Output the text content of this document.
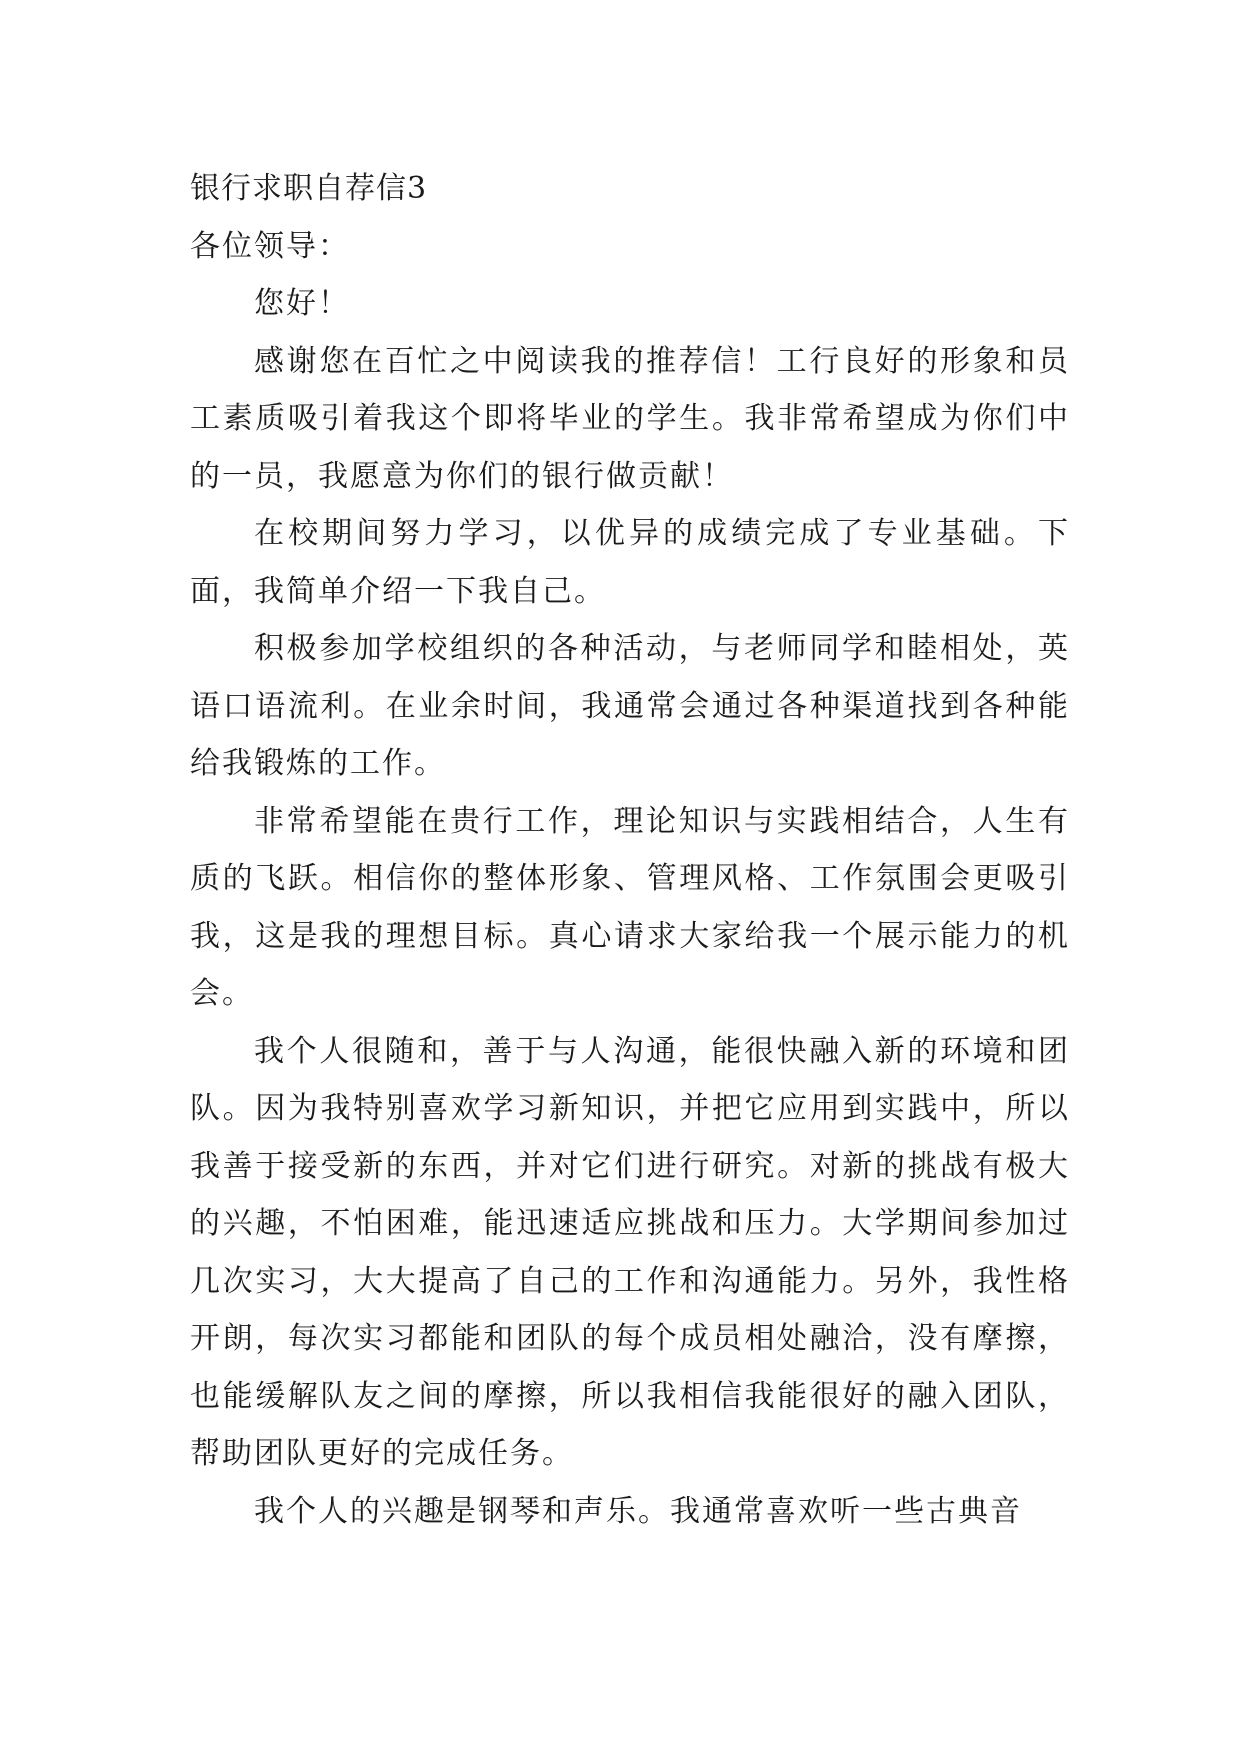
银行求职自荐信3

各位领导：

您好！

感谢您在百忙之中阅读我的推荐信！工行良好的形象和员工素质吸引着我这个即将毕业的学生。我非常希望成为你们中的一员，我愿意为你们的银行做贡献！

在校期间努力学习，以优异的成绩完成了专业基础。下面，我简单介绍一下我自己。

积极参加学校组织的各种活动，与老师同学和睦相处，英语口语流利。在业余时间，我通常会通过各种渠道找到各种能给我锻炼的工作。

非常希望能在贵行工作，理论知识与实践相结合，人生有质的飞跃。相信你的整体形象、管理风格、工作氛围会更吸引我，这是我的理想目标。真心请求大家给我一个展示能力的机会。

我个人很随和，善于与人沟通，能很快融入新的环境和团队。因为我特别喜欢学习新知识，并把它应用到实践中，所以我善于接受新的东西，并对它们进行研究。对新的挑战有极大的兴趣，不怕困难，能迅速适应挑战和压力。大学期间参加过几次实习，大大提高了自己的工作和沟通能力。另外，我性格开朗，每次实习都能和团队的每个成员相处融洽，没有摩擦，也能缓解队友之间的摩擦，所以我相信我能很好的融入团队，帮助团队更好的完成任务。

我个人的兴趣是钢琴和声乐。我通常喜欢听一些古典音
